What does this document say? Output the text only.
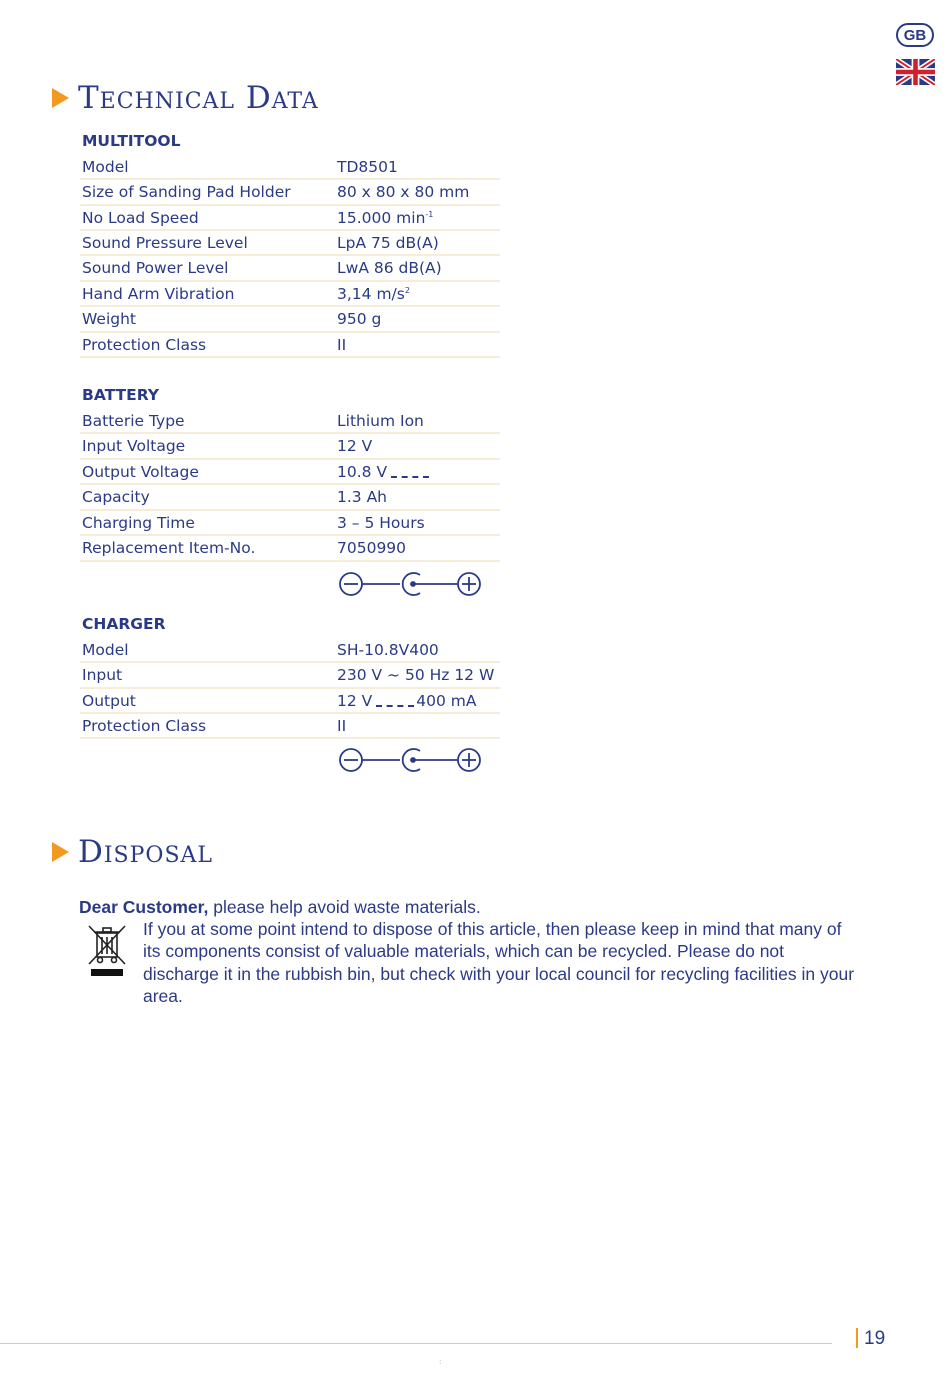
GB
Technical Data
MULTITOOL
Model	TD8501
Size of Sanding Pad Holder	80 x 80 x 80 mm
No Load Speed	15.000 $\min^{-1}$
Sound Pressure Level	LpA 75 dB(A)
Sound Power Level	LwA 86 dB(A)
Hand Arm Vibration	3,14 $m/s^2$
Weight	950 g
Protection Class	II
BATTERY
Batterie Type	Lithium Ion
Input Voltage	12 V
Output Voltage	10.8 V
Capacity	1.3 Ah
Charging Time	3 – 5 Hours
Replacement Item-No.	7050990
CHARGER
Model	SH-10.8V400
Input	230 V ~ 50 Hz 12 W
Output	12 V	400 mA
Protection Class	II
Disposal
Dear Customer, please help avoid waste materials.
If you at some point intend to dispose of this article, then please keep in mind that many of its components consist of valuable materials, which can be recycled. Please do not discharge it in the rubbish bin, but check with your local council for recycling facilities in your area.
19
:
